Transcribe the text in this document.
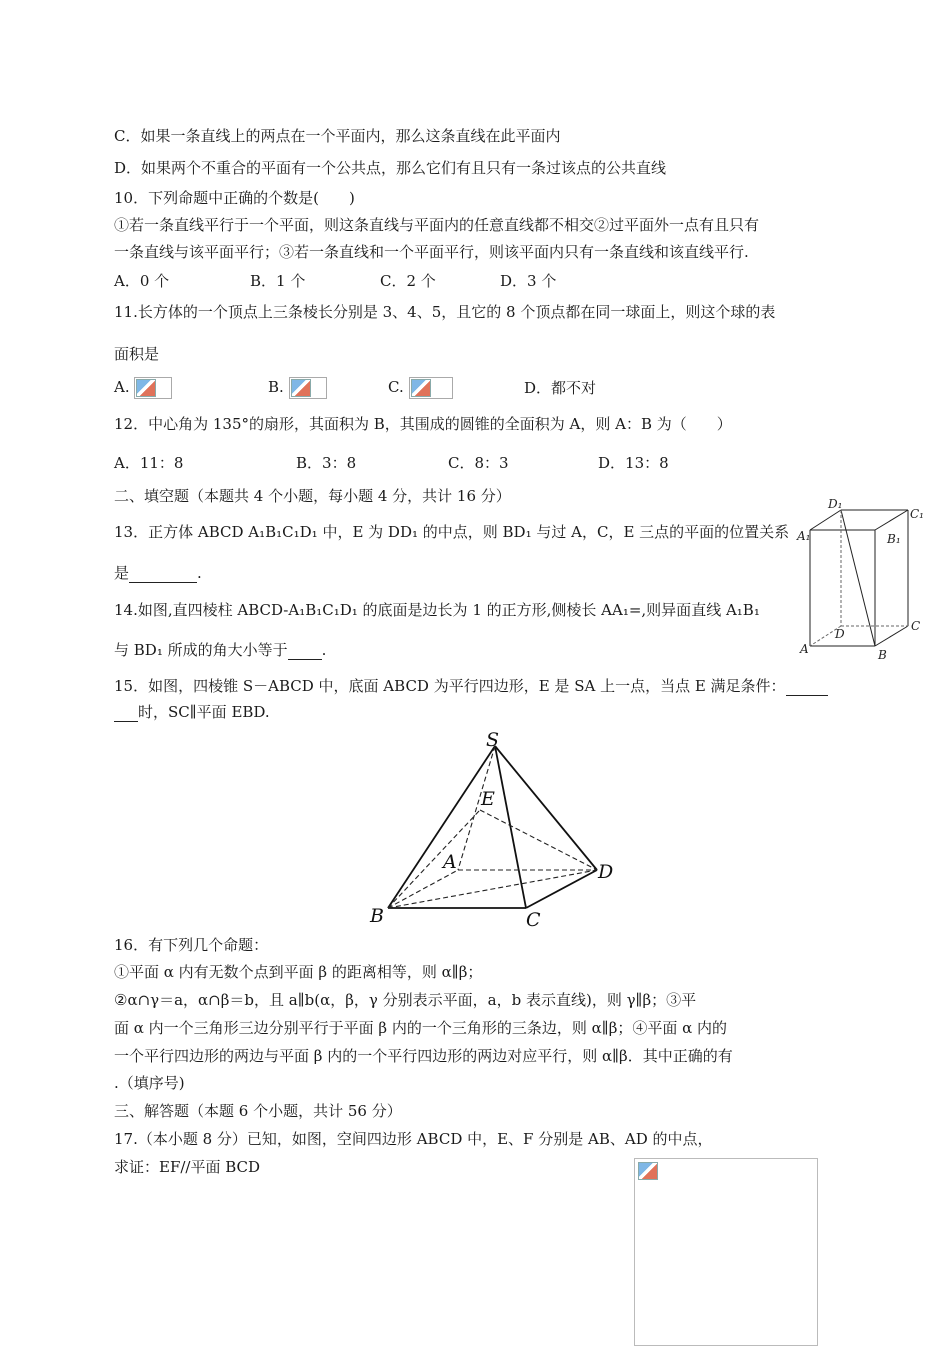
C．如果一条直线上的两点在一个平面内，那么这条直线在此平面内
D．如果两个不重合的平面有一个公共点，那么它们有且只有一条过该点的公共直线
10．下列命题中正确的个数是(　　)
①若一条直线平行于一个平面，则这条直线与平面内的任意直线都不相交②过平面外一点有且只有
一条直线与该平面平行；③若一条直线和一个平面平行，则该平面内只有一条直线和该直线平行.
A．0 个	B．1 个	C．2 个	D．3 个
11.长方体的一个顶点上三条棱长分别是 3、4、5，且它的 8 个顶点都在同一球面上，则这个球的表
面积是
A.	B.	C.	D．都不对
12．中心角为 135°的扇形，其面积为 B，其围成的圆锥的全面积为 A，则 A：B 为（　　）
A．11：8	B．3：8	C．8：3	D．13：8
二、填空题（本题共 4 个小题，每小题 4 分，共计 16 分）
13．正方体 ABCD A₁B₁C₁D₁ 中，E 为 DD₁ 的中点，则 BD₁ 与过 A，C，E 三点的平面的位置关系
是	.
14.如图,直四棱柱 ABCD-A₁B₁C₁D₁ 的底面是边长为 1 的正方形,侧棱长 AA₁=,则异面直线 A₁B₁
与 BD₁ 所成的角大小等于 .
D₁
C₁
A₁	B₁
D
C
A	B
15．如图，四棱锥 S－ABCD 中，底面 ABCD 为平行四边形，E 是 SA 上一点，当点 E 满足条件：
时，SC∥平面 EBD.
S
E
A	D
B	C
16．有下列几个命题：
①平面 α 内有无数个点到平面 β 的距离相等，则 α∥β；
②α∩γ＝a，α∩β＝b，且 a∥b(α，β，γ 分别表示平面，a，b 表示直线)，则 γ∥β；③平
面 α 内一个三角形三边分别平行于平面 β 内的一个三角形的三条边，则 α∥β；④平面 α 内的
一个平行四边形的两边与平面 β 内的一个平行四边形的两边对应平行，则 α∥β．其中正确的有
.（填序号)
三、解答题（本题 6 个小题，共计 56 分）
17.（本小题 8 分）已知，如图，空间四边形 ABCD 中，E、F 分别是 AB、AD 的中点，
求证：EF//平面 BCD
